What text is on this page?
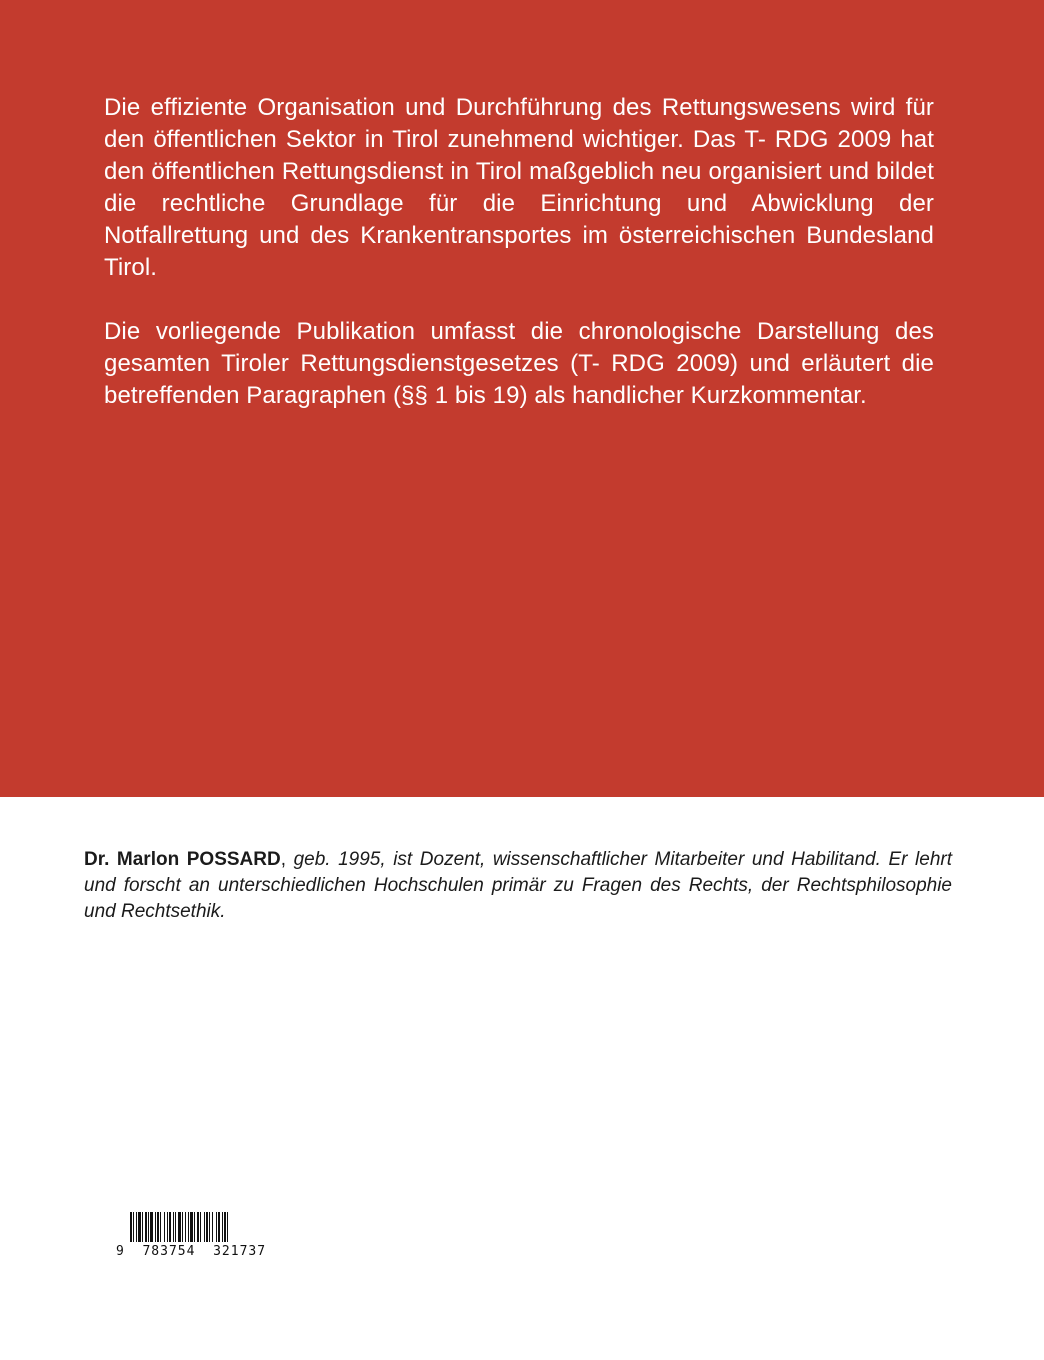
Die effiziente Organisation und Durchführung des Rettungswesens wird für den öffentlichen Sektor in Tirol zunehmend wichtiger. Das T- RDG 2009 hat den öffentlichen Rettungsdienst in Tirol maßgeblich neu organisiert und bildet die rechtliche Grundlage für die Einrichtung und Abwicklung der Notfallrettung und des Krankentransportes im österreichischen Bundesland Tirol.

Die vorliegende Publikation umfasst die chronologische Darstellung des gesamten Tiroler Rettungsdienstgesetzes (T- RDG 2009) und erläutert die betreffenden Paragraphen (§§ 1 bis 19) als handlicher Kurzkommentar.

Dr. Marlon POSSARD, geb. 1995, ist Dozent, wissenschaftlicher Mitarbeiter und Habilitand. Er lehrt und forscht an unterschiedlichen Hochschulen primär zu Fragen des Rechts, der Rechtsphilosophie und Rechtsethik.
9  783754  321737
